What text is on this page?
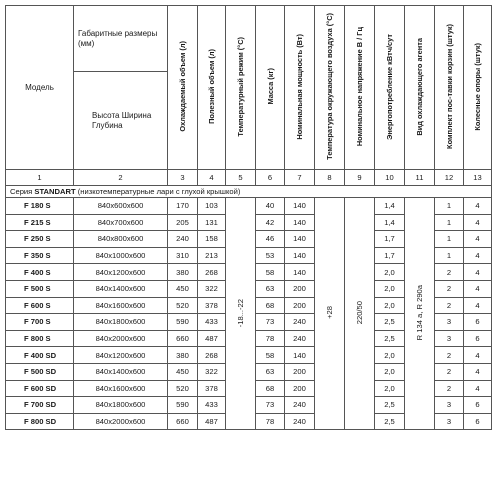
Модель	Габаритные размеры (мм)	Охлаждаемый объем (л)	Полезный объем (л)	Температурный режим (°С)	Масса (кг)	Номинальная мощность (Вт)	Температура окружающего воздуха (°С)	Номинальное напряжение В / Гц	Энергопотребление кВтч/сут	Вид охлаждающего агента	Комплект пос-тавки корзин (штук)	Колесные опоры (штук)
	Высота Ширина Глубина											
1	2	3	4	5	6	7	8	9	10	11	12	13
Серия STANDART (низкотемпературные лари с глухой крышкой)												
F 180 S	840х600х600	170	103	-18...-22	40	140	+28	220/50	1,4	R 134 a, R 290a	1	4
F 215 S	840х700х600	205	131		42	140			1,4		1	4
F 250 S	840х800х600	240	158		46	140			1,7		1	4
F 350 S	840х1000х600	310	213		53	140			1,7		1	4
F 400 S	840х1200х600	380	268		58	140			2,0		2	4
F 500 S	840х1400х600	450	322		63	200			2,0		2	4
F 600 S	840х1600х600	520	378		68	200			2,0		2	4
F 700 S	840х1800х600	590	433		73	240			2,5		3	6
F 800 S	840х2000х600	660	487		78	240			2,5		3	6
F 400 SD	840х1200х600	380	268		58	140			2,0		2	4
F 500 SD	840х1400х600	450	322		63	200			2,0		2	4
F 600 SD	840х1600х600	520	378		68	200			2,0		2	4
F 700 SD	840х1800х600	590	433		73	240			2,5		3	6
F 800 SD	840х2000х600	660	487		78	240			2,5		3	6
